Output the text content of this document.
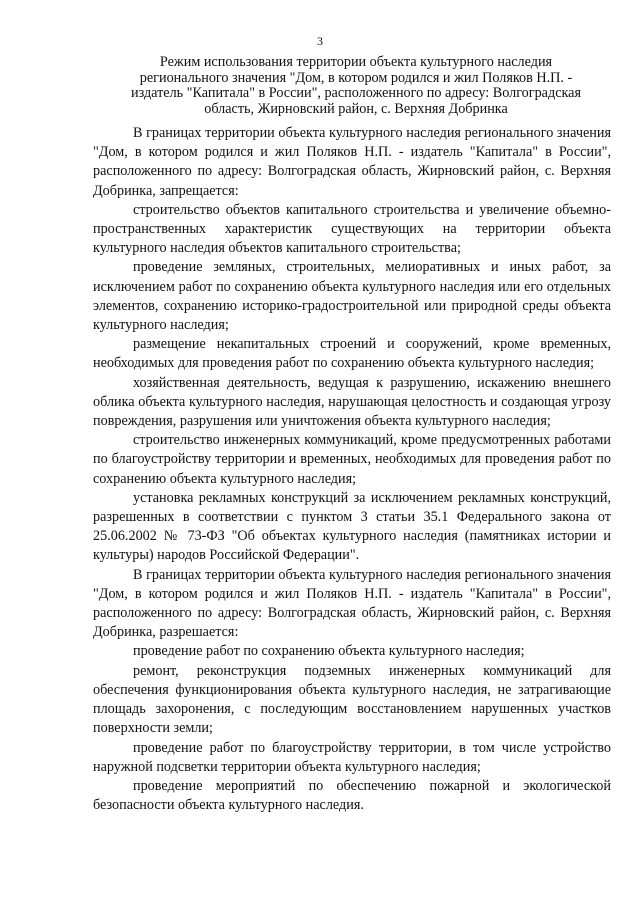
3
Режим использования территории объекта культурного наследия
регионального значения "Дом, в котором родился и жил Поляков Н.П. -
издатель "Капитала" в России", расположенного по адресу: Волгоградская
область, Жирновский район, с. Верхняя Добринка

В границах территории объекта культурного наследия регионального значения "Дом, в котором родился и жил Поляков Н.П. - издатель "Капитала" в России", расположенного по адресу: Волгоградская область, Жирновский район, с. Верхняя Добринка, запрещается:

строительство объектов капитального строительства и увеличение объемно-пространственных характеристик существующих на территории объекта культурного наследия объектов капитального строительства;

проведение земляных, строительных, мелиоративных и иных работ, за исключением работ по сохранению объекта культурного наследия или его отдельных элементов, сохранению историко-градостроительной или природной среды объекта культурного наследия;

размещение некапитальных строений и сооружений, кроме временных, необходимых для проведения работ по сохранению объекта культурного наследия;

хозяйственная деятельность, ведущая к разрушению, искажению внешнего облика объекта культурного наследия, нарушающая целостность и создающая угрозу повреждения, разрушения или уничтожения объекта культурного наследия;

строительство инженерных коммуникаций, кроме предусмотренных работами по благоустройству территории и временных, необходимых для проведения работ по сохранению объекта культурного наследия;

установка рекламных конструкций за исключением рекламных конструкций, разрешенных в соответствии с пунктом 3 статьи 35.1 Федерального закона от 25.06.2002 № 73-ФЗ "Об объектах культурного наследия (памятниках истории и культуры) народов Российской Федерации".

В границах территории объекта культурного наследия регионального значения "Дом, в котором родился и жил Поляков Н.П. - издатель "Капитала" в России", расположенного по адресу: Волгоградская область, Жирновский район, с. Верхняя Добринка, разрешается:

проведение работ по сохранению объекта культурного наследия;

ремонт, реконструкция подземных инженерных коммуникаций для обеспечения функционирования объекта культурного наследия, не затрагивающие площадь захоронения, с последующим восстановлением нарушенных участков поверхности земли;

проведение работ по благоустройству территории, в том числе устройство наружной подсветки территории объекта культурного наследия;

проведение мероприятий по обеспечению пожарной и экологической безопасности объекта культурного наследия.
